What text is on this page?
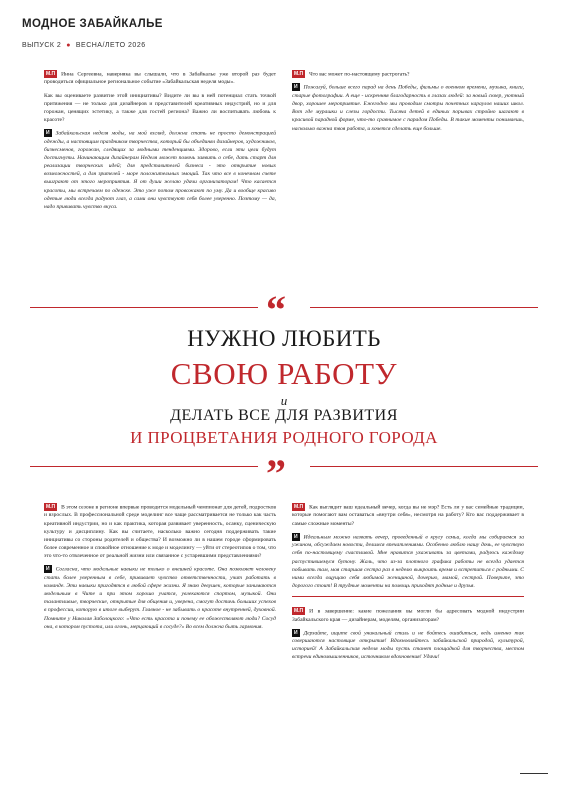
МОДНОЕ ЗАБАЙКАЛЬЕ
ВЫПУСК 2  ●  ВЕСНА/ЛЕТО 2026

М.П Инна Сергеевна, наверняка вы слышали, что в Забайкалье уже второй раз будет проводиться официальное региональное событие «Забайкальская неделя моды».

Как вы оцениваете развитие этой инициативы? Видите ли вы в ней потенциал стать точкой притяжения — не только для дизайнеров и представителей креативных индустрий, но и для горожан, ценящих эстетику, а также для гостей региона? Важно ли воспитывать любовь к красоте?

И Забайкальская неделя моды, на мой взгляд, должна стать не просто демонстрацией одежды, а настоящим праздником творчества, который бы объединял дизайнеров, художников, бизнесменов, горожан, следящих за модными тенденциями. Здорово, если эти цели будут достигнуты. Начинающим дизайнерам Неделя может помочь заявить о себе, дать старт для реализации творческих идей; для представителей бизнеса - это открытие новых возможностей, а для зрителей - море положительных эмоций. Так что все в конечном счете выиграют от этого мероприятия. Я от души желаю удачи организаторам! Что касается красоты, мы встречаем по одежке. Это уже потом провожают по уму. Да и вообще красиво одетые люди всегда радуют глаз, а сами они чувствуют себя более уверенно. Поэтому — да, надо прививать чувство вкуса.

М.П Что вас может по-настоящему растрогать?

И Пожалуй, больше всего парад на день Победы, фильмы о военном времени, музыка, книги, старые фотографии. А еще - искренняя благодарность в глазах людей: за новый сквер, уютный двор, хорошее мероприятие. Ежегодно мы проводим смотры почетных караулов наших школ. Вот где мурашки и слезы гордости. Тысяча детей в единых порывах стройно шагают в красивой парадной форме, что-то сравнимое с парадом Победы. В такие моменты понимаешь, насколько важна твоя работа, и хочется сделать еще больше.

“
НУЖНО ЛЮБИТЬ
СВОЮ РАБОТУ
и
ДЕЛАТЬ ВСЕ ДЛЯ РАЗВИТИЯ
И ПРОЦВЕТАНИЯ РОДНОГО ГОРОДА
”

М.П В этом сезоне в регионе впервые проводится модельный чемпионат для детей, подростков и взрослых. В профессиональной среде моделинг все чаще рассматривается не только как часть креативной индустрии, но и как практика, которая развивает уверенность, осанку, сценическую культуру и дисциплину. Как вы считаете, насколько важно сегодня поддерживать такие инициативы со стороны родителей и общества? И возможно ли в нашем городе сформировать более современное и спокойное отношение к моде и моделингу — уйти от стереотипов о том, что это что-то отвлеченное от реальной жизни или связанное с устаревшими представлениями?

И Согласна, что модельные навыки не только о внешней красоте. Она позволяет человеку стать более уверенным в себе, прививает чувство ответственности, учит работать в команде. Эти навыки пригодятся в любой сфере жизни. Я знаю девушек, которые занимаются модельным в Чите и при этом хорошо учатся, увлекаются спортом, музыкой. Они талантливые, творческие, открытые для общения и, уверена, смогут достичь больших успехов в профессии, которую в итоге выберут. Главное - не забывать о красоте внутренней, духовной. Помните у Николая Заболоцкого: «Что есть красота и почему ее обожествляют люди? Сосуд она, в котором пустота, или огонь, мерцающий в сосуде?» Во всем должна быть гармония.

М.П Как выглядит ваш идеальный вечер, когда вы не мэр? Есть ли у вас семейные традиции, которые помогают вам оставаться «внутри себя», несмотря на работу? Кто вас поддерживает в самые сложные моменты?

И Идеальным можно назвать вечер, проведенный в кругу семьи, когда мы собираемся за ужином, обсуждаем новости, делимся впечатлениями. Особенно люблю нашу дочь, ее чувствую себя по-настоящему счастливой. Мне нравится ухаживать за цветами, радуюсь каждому распустившемуся бутону. Жаль, что из-за плотного графика работы не всегда удается побывать там, моя старшая сестра раз в неделю выкроить время и встретиться с родными. С ними всегда ощущаю себя любимой женщиной, дочерью, мамой, сестрой. Поверьте, это дорогого стоит! В трудные моменты на помощь приходят родные и друзья.

М.П И в завершение: какие пожелания вы могли бы адресовать модной индустрии Забайкальского края — дизайнерам, моделям, организаторам?

И Дерзайте, ищите свой уникальный стиль и не бойтесь ошибиться, ведь именно так совершаются настоящие открытия! Вдохновляйтесь забайкальской природой, культурой, историей! А Забайкальская неделя моды пусть станет площадкой для творчества, местом встречи единомышленников, источником вдохновения! Удачи!
